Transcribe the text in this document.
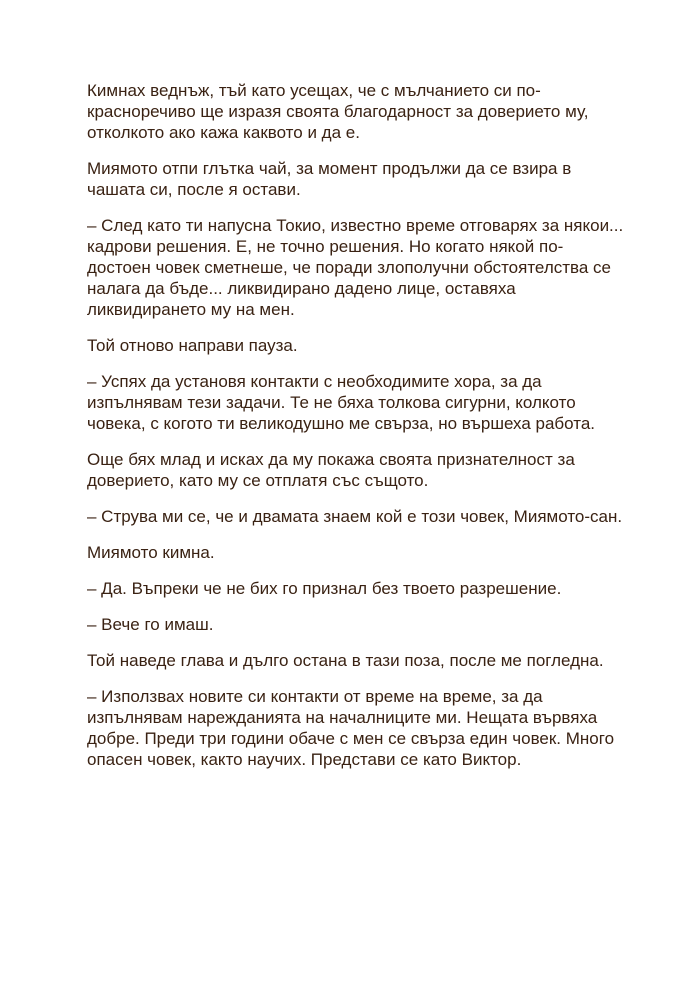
Кимнах веднъж, тъй като усещах, че с мълчанието си по-красноречиво ще изразя своята благодарност за доверието му, отколкото ако кажа каквото и да е.

Миямото отпи глътка чай, за момент продължи да се взира в чашата си, после я остави.

– След като ти напусна Токио, известно време отговарях за някои... кадрови решения. Е, не точно решения. Но когато някой по-достоен човек сметнеше, че поради злополучни обстоятелства се налага да бъде... ликвидирано дадено лице, оставяха ликвидирането му на мен.

Той отново направи пауза.

– Успях да установя контакти с необходимите хора, за да изпълнявам тези задачи. Те не бяха толкова сигурни, колкото човека, с когото ти великодушно ме свърза, но вършеха работа.

Още бях млад и исках да му покажа своята признателност за доверието, като му се отплатя със същото.

– Струва ми се, че и двамата знаем кой е този човек, Миямото-сан.

Миямото кимна.

– Да. Въпреки че не бих го признал без твоето разрешение.

– Вече го имаш.

Той наведе глава и дълго остана в тази поза, после ме погледна.

– Използвах новите си контакти от време на време, за да изпълнявам нарежданията на началниците ми. Нещата вървяха добре. Преди три години обаче с мен се свърза един човек. Много опасен човек, както научих. Представи се като Виктор.
